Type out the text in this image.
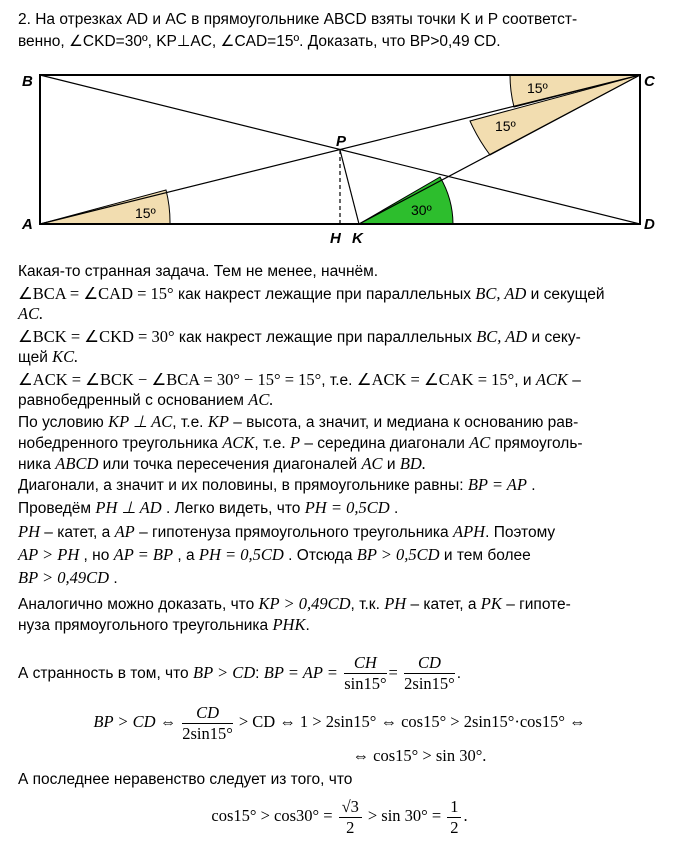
2. На отрезках AD и AC в прямоугольнике ABCD взяты точки K и P соответст-
венно, ∠CKD=30º, KP⊥AC, ∠CAD=15º. Доказать, что BP>0,49 CD.
B	C
A	D
P
H K
15º
15º
15º
30º
Какая-то странная задача. Тем не менее, начнём.
∠BCA = ∠CAD = 15° как накрест лежащие при параллельных BC, AD и секущей
AC.
∠BCK = ∠CKD = 30° как накрест лежащие при параллельных BC, AD и секу-
щей KC.
∠ACK = ∠BCK − ∠BCA = 30° − 15° = 15°, т.е. ∠ACK = ∠CAK = 15°, и ACK –
равнобедренный с основанием AC.
По условию KP ⊥ AC, т.е. KP – высота, а значит, и медиана к основанию рав-
нобедренного треугольника ACK, т.е. P – середина диагонали AC прямоуголь-
ника ABCD или точка пересечения диагоналей AC и BD.
Диагонали, а значит и их половины, в прямоугольнике равны: BP = AP .
Проведём PH ⊥ AD . Легко видеть, что PH = 0,5CD .
PH – катет, а AP – гипотенуза прямоугольного треугольника APH. Поэтому
AP > PH , но AP = BP , а PH = 0,5CD . Отсюда BP > 0,5CD и тем более
BP > 0,49CD .
Аналогично можно доказать, что KP > 0,49CD, т.к. PH – катет, а PK – гипоте-
нуза прямоугольного треугольника PHK.
А странность в том, что BP > CD: BP = AP = $\frac{CH}{\sin 15^\circ} = \frac{CD}{2\sin 15^\circ}$ .
BP > CD ⇔ $\frac{CD}{2\sin 15^\circ}$ > CD ⇔ 1 > 2sin15° ⇔ cos15° > 2sin15°·cos15° ⇔
⇔ cos15° > sin 30°.
А последнее неравенство следует из того, что
$\cos 15^\circ > \cos 30^\circ = \frac{√3}{2} > \sin 30^\circ = \frac{1}{2}$ .
